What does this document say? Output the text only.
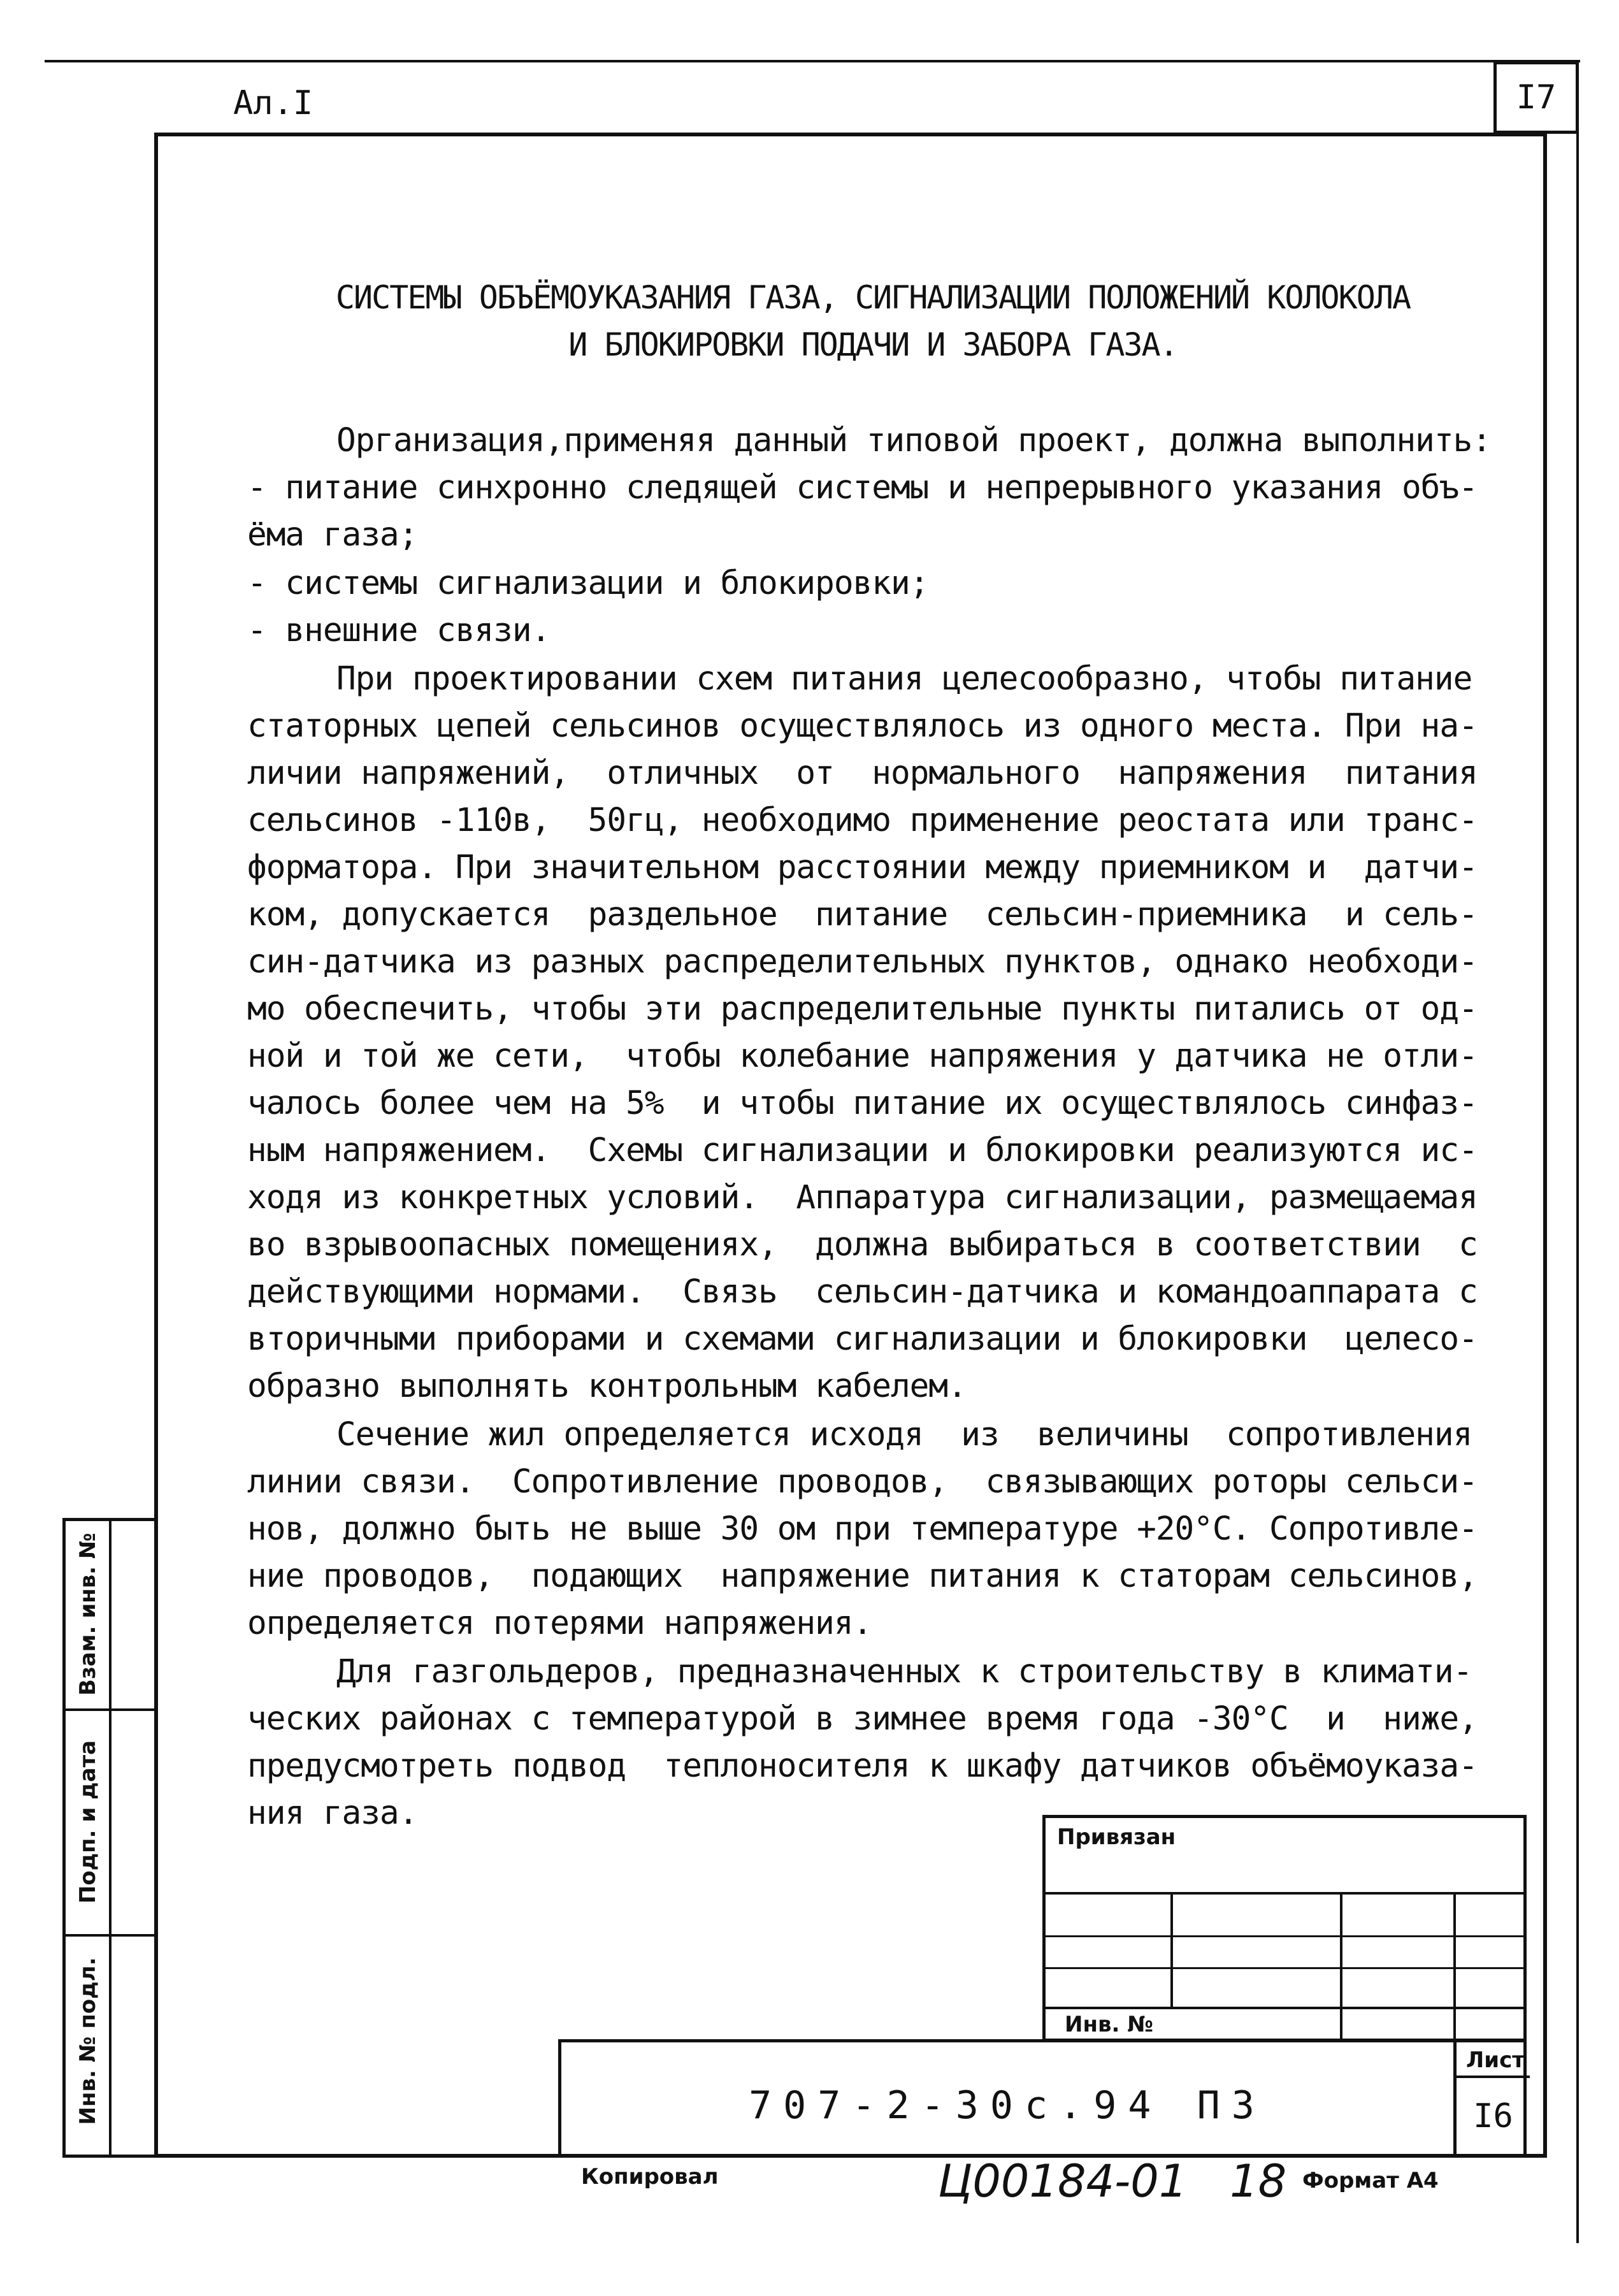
Ал.I	I7
СИСТЕМЫ ОБЪЁМОУКАЗАНИЯ ГАЗА, СИГНАЛИЗАЦИИ ПОЛОЖЕНИЙ КОЛОКОЛА
И БЛОКИРОВКИ ПОДАЧИ И ЗАБОРА ГАЗА.
Организация,применяя данный типовой проект, должна выполнить:
- питание синхронно следящей системы и непрерывного указания объ-
ёма газа;
- системы сигнализации и блокировки;
- внешние связи.
При проектировании схем питания целесообразно, чтобы питание
статорных цепей сельсинов осуществлялось из одного места. При на-
личии напряжений,  отличных  от  нормального  напряжения  питания
сельсинов -110в,  50гц, необходимо применение реостата или транс-
форматора. При значительном расстоянии между приемником и  датчи-
ком, допускается  раздельное  питание  сельсин-приемника  и сель-
син-датчика из разных распределительных пунктов, однако необходи-
мо обеспечить, чтобы эти распределительные пункты питались от од-
ной и той же сети,  чтобы колебание напряжения у датчика не отли-
чалось более чем на 5%  и чтобы питание их осуществлялось синфаз-
ным напряжением.  Схемы сигнализации и блокировки реализуются ис-
ходя из конкретных условий.  Аппаратура сигнализации, размещаемая
во взрывоопасных помещениях,  должна выбираться в соответствии  с
действующими нормами.  Связь  сельсин-датчика и командоаппарата с
вторичными приборами и схемами сигнализации и блокировки  целесо-
образно выполнять контрольным кабелем.
Сечение жил определяется исходя  из  величины  сопротивления
линии связи.  Сопротивление проводов,  связывающих роторы сельси-
нов, должно быть не выше 30 ом при температуре +20°С. Сопротивле-
ние проводов,  подающих  напряжение питания к статорам сельсинов,
определяется потерями напряжения.
Для газгольдеров, предназначенных к строительству в климати-
ческих районах с температурой в зимнее время года -30°С  и  ниже,
предусмотреть подвод  теплоносителя к шкафу датчиков объёмоуказа-
ния газа.
Взам. инв. №
Подп. и дата
Инв. № подл.
Привязан
Инв. №
707-2-30с.94 ПЗ
Лист
I6
Копировал	Ц00184-01   18 Формат А4
